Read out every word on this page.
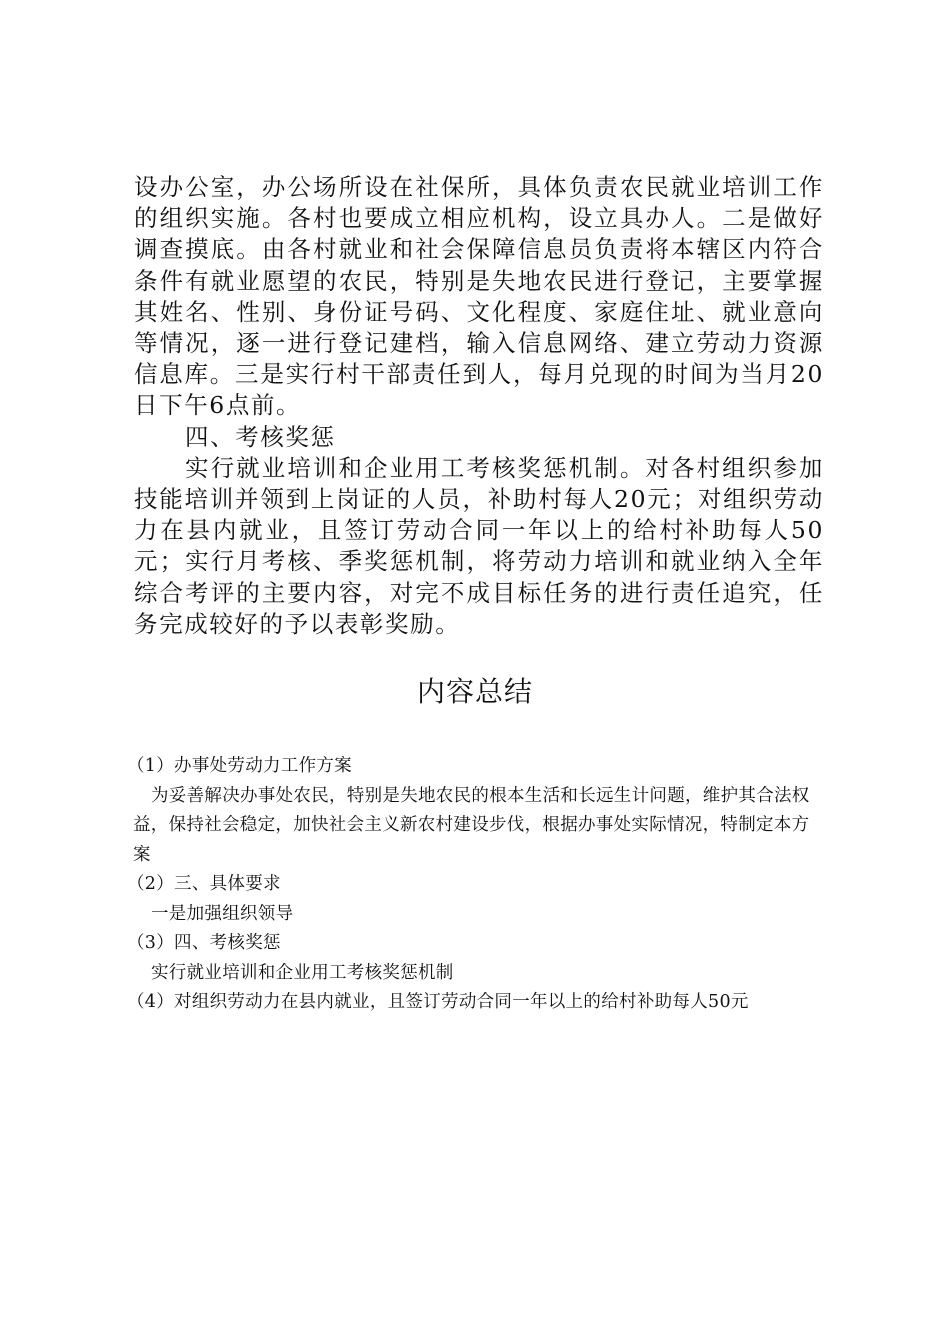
设办公室，办公场所设在社保所，具体负责农民就业培训工作的组织实施。各村也要成立相应机构，设立具办人。二是做好调查摸底。由各村就业和社会保障信息员负责将本辖区内符合条件有就业愿望的农民，特别是失地农民进行登记，主要掌握其姓名、性别、身份证号码、文化程度、家庭住址、就业意向等情况，逐一进行登记建档，输入信息网络、建立劳动力资源信息库。三是实行村干部责任到人，每月兑现的时间为当月20日下午6点前。

四、考核奖惩

实行就业培训和企业用工考核奖惩机制。对各村组织参加技能培训并领到上岗证的人员，补助村每人20元；对组织劳动力在县内就业，且签订劳动合同一年以上的给村补助每人50元；实行月考核、季奖惩机制，将劳动力培训和就业纳入全年综合考评的主要内容，对完不成目标任务的进行责任追究，任务完成较好的予以表彰奖励。

内容总结

（1）办事处劳动力工作方案

为妥善解决办事处农民，特别是失地农民的根本生活和长远生计问题，维护其合法权益，保持社会稳定，加快社会主义新农村建设步伐，根据办事处实际情况，特制定本方案

（2）三、具体要求

一是加强组织领导

（3）四、考核奖惩

实行就业培训和企业用工考核奖惩机制

（4）对组织劳动力在县内就业，且签订劳动合同一年以上的给村补助每人50元
